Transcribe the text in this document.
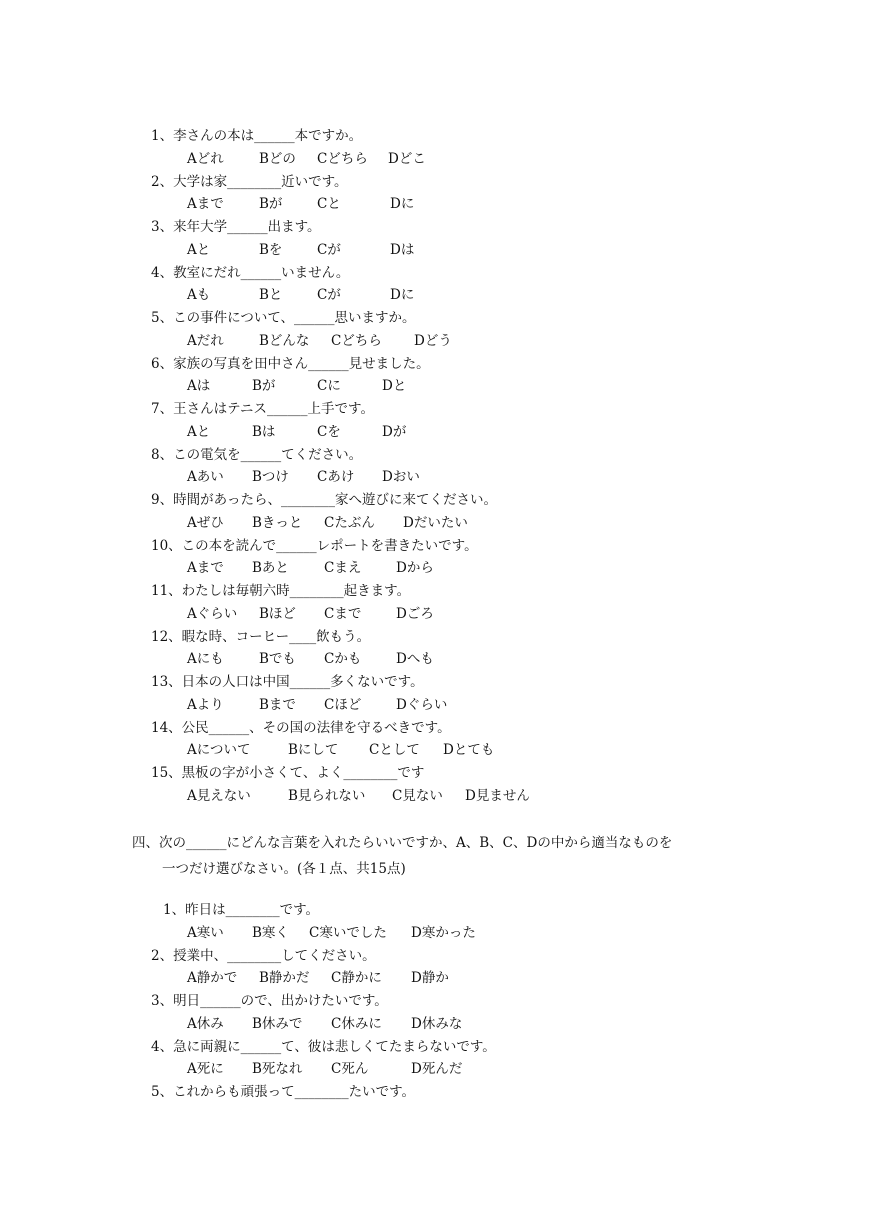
1、李さんの本は______本ですか。
Aどれ	Bどの Cどちら Dどこ
2、大学は家________近いです。
Aまで	Bが	Cと	Dに
3、来年大学______出ます。
Aと	Bを	Cが	Dは
4、教室にだれ______いません。
Aも	Bと	Cが	Dに
5、この事件について、______思いますか。
Aだれ	Bどんな Cどちら Dどう
6、家族の写真を田中さん______見せました。
Aは	Bが	Cに	Dと
7、王さんはテニス______上手です。
Aと	Bは	Cを	Dが
8、この電気を______てください。
Aあい Bつけ Cあけ Dおい
9、時間があったら、________家へ遊びに来てください。
Aぜひ Bきっと Cたぶん Dだいたい
10、この本を読んで______レポートを書きたいです。
Aまで Bあと	Cまえ	Dから
11、わたしは毎朝六時________起きます。
Aぐらい Bほど Cまで	Dごろ
12、暇な時、コーヒー____飲もう。
Aにも	Bでも Cかも	Dへも
13、日本の人口は中国______多くないです。
Aより	Bまで Cほど	Dぐらい
14、公民______、その国の法律を守るべきです。
Aについて	Bにして Cとして Dとても
15、黒板の字が小さくて、よく________です
A見えない	B見られない C見ない D見ません
四、次の______にどんな言葉を入れたらいいですか、A、B、C、Dの中から適当なものを
一つだけ選びなさい。(各１点、共15点)
1、昨日は________です。
A寒い B寒く C寒いでした D寒かった
2、授業中、________してください。
A静かで B静かだ C静かに D静か
3、明日______ので、出かけたいです。
A休み B休みで C休みに D休みな
4、急に両親に______て、彼は悲しくてたまらないです。
A死に B死なれ C死ん	D死んだ
5、これからも頑張って________たいです。
